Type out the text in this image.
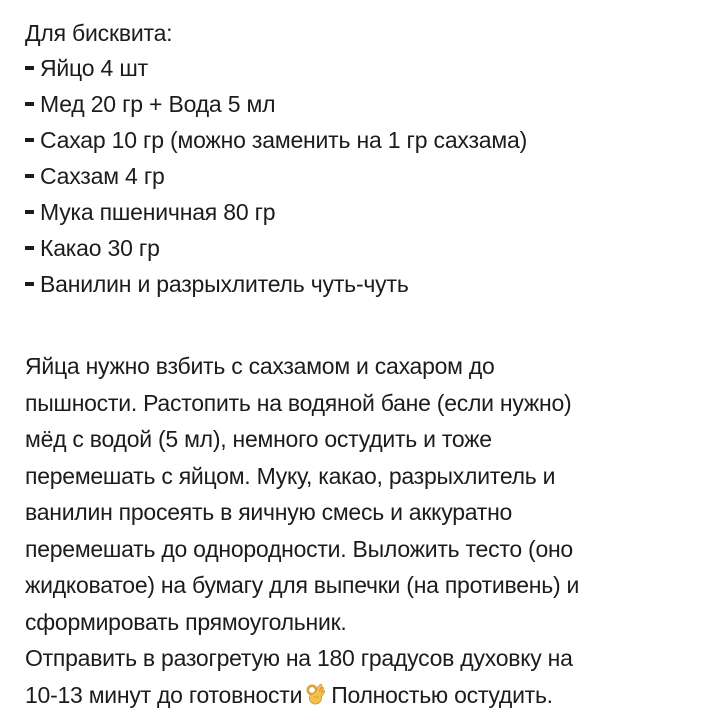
Для бисквита:

Яйцо 4 шт
Мед 20 гр + Вода 5 мл
Сахар 10 гр (можно заменить на 1 гр сахзама)
Сахзам 4 гр
Мука пшеничная 80 гр
Какао 30 гр
Ванилин и разрыхлитель чуть-чуть

Яйца нужно взбить с сахзамом и сахаром до
пышности. Растопить на водяной бане (если нужно)
мёд с водой (5 мл), немного остудить и тоже
перемешать с яйцом. Муку, какао, разрыхлитель и
ванилин просеять в яичную смесь и аккуратно
перемешать до однородности. Выложить тесто (оно
жидковатое) на бумагу для выпечки (на противень) и
сформировать прямоугольник.
Отправить в разогретую на 180 градусов духовку на
10-13 минут до готовности Полностью остудить.
